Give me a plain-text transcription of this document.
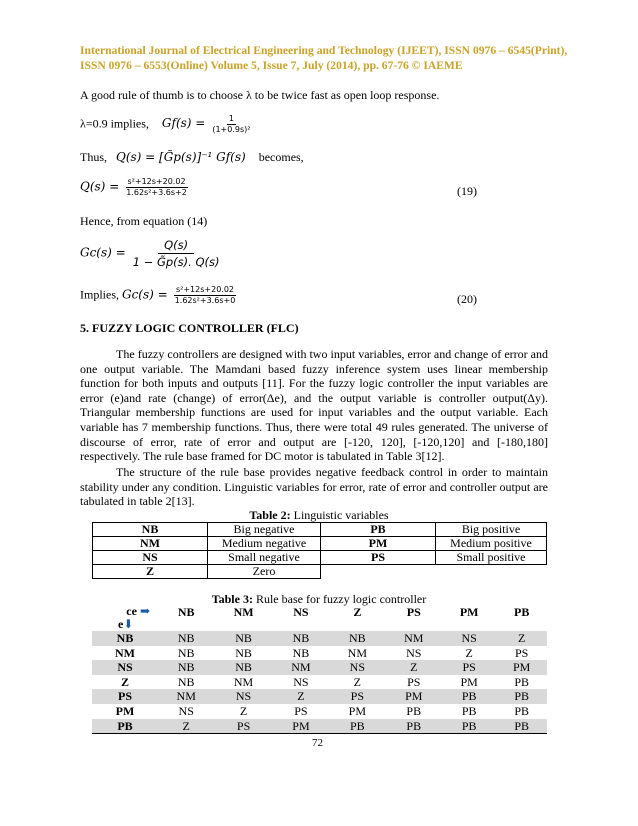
International Journal of Electrical Engineering and Technology (IJEET), ISSN 0976 – 6545(Print),
ISSN 0976 – 6553(Online) Volume 5, Issue 7, July (2014), pp. 67-76 © IAEME
A good rule of thumb is to choose λ to be twice fast as open loop response.
λ=0.9 implies, $Gf(s) = \frac{1}{\text{(1+0.9s)²}}$
Thus, Q(s) = [G̃p(s)]⁻¹ Gf(s) becomes,
$Q(s) = \frac{\text{s²+12s+20.02}}{\text{1.62s²+3.6s+2}}$	(19)
Hence, from equation (14)
$Gc(s) = \frac{Q(s)}{1 - G̃p(s). Q(s)}$
Implies, $Gc(s) = \frac{\text{s²+12s+20.02}}{\text{1.62s²+3.6s+0}}$	(20)
5. FUZZY LOGIC CONTROLLER (FLC)
The fuzzy controllers are designed with two input variables, error and change of error and one output variable. The Mamdani based fuzzy inference system uses linear membership function for both inputs and outputs [11]. For the fuzzy logic controller the input variables are error (e)and rate (change) of error(Δe), and the output variable is controller output(Δy). Triangular membership functions are used for input variables and the output variable. Each variable has 7 membership functions. Thus, there were total 49 rules generated. The universe of discourse of error, rate of error and output are [-120, 120], [-120,120] and [-180,180] respectively. The rule base framed for DC motor is tabulated in Table 3[12].
The structure of the rule base provides negative feedback control in order to maintain stability under any condition. Linguistic variables for error, rate of error and controller output are tabulated in table 2[13].
Table 2: Linguistic variables
NB	Big negative	PB	Big positive
NM	Medium negative	PM	Medium positive
NS	Small negative	PS	Small positive
Z	Zero		
Table 3: Rule base for fuzzy logic controller
ce ➡
e⬇	NB	NM	NS	Z	PS	PM	PB
NB	NB	NB	NB	NB	NM	NS	Z
NM	NB	NB	NB	NM	NS	Z	PS
NS	NB	NB	NM	NS	Z	PS	PM
Z	NB	NM	NS	Z	PS	PM	PB
PS	NM	NS	Z	PS	PM	PB	PB
PM	NS	Z	PS	PM	PB	PB	PB
PB	Z	PS	PM	PB	PB	PB	PB
72
